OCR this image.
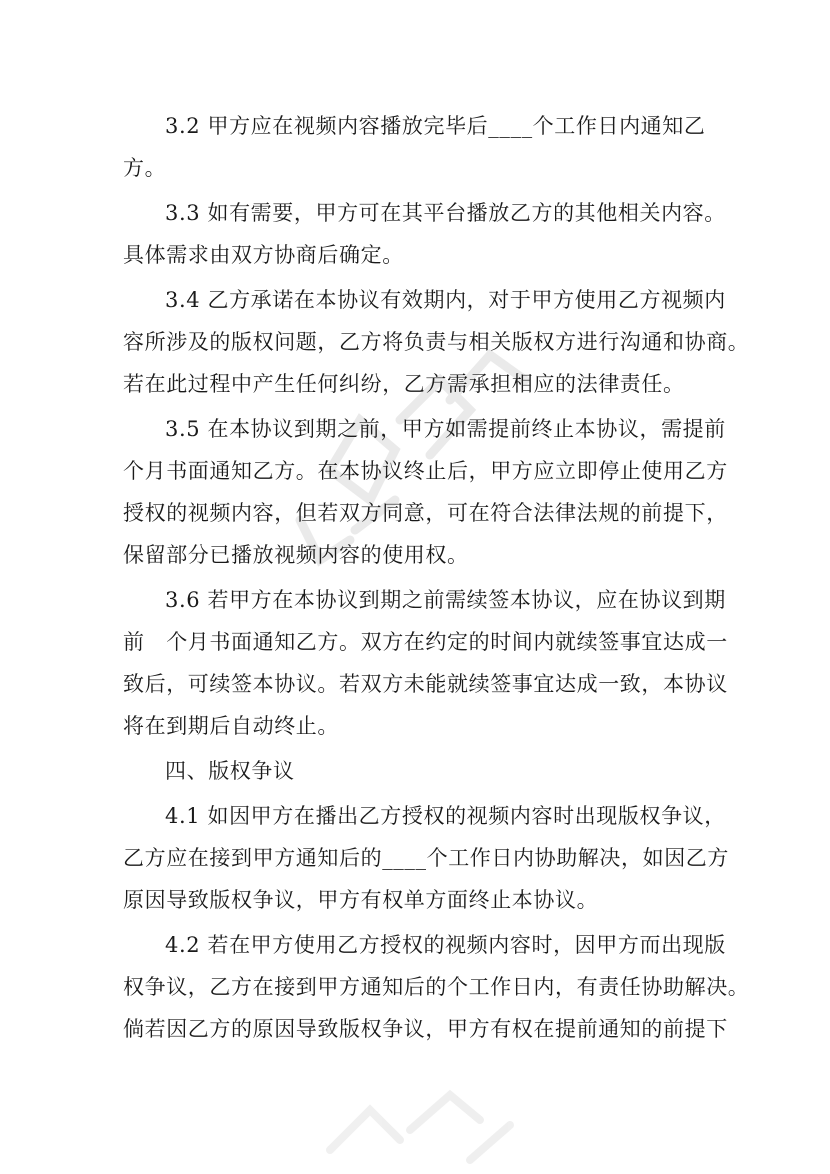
3.2 甲方应在视频内容播放完毕后____个工作日内通知乙
方。
3.3 如有需要，甲方可在其平台播放乙方的其他相关内容。
具体需求由双方协商后确定。
3.4 乙方承诺在本协议有效期内，对于甲方使用乙方视频内
容所涉及的版权问题，乙方将负责与相关版权方进行沟通和协商。
若在此过程中产生任何纠纷，乙方需承担相应的法律责任。
3.5 在本协议到期之前，甲方如需提前终止本协议，需提前
个月书面通知乙方。在本协议终止后，甲方应立即停止使用乙方
授权的视频内容，但若双方同意，可在符合法律法规的前提下，
保留部分已播放视频内容的使用权。
3.6 若甲方在本协议到期之前需续签本协议，应在协议到期
前　个月书面通知乙方。双方在约定的时间内就续签事宜达成一
致后，可续签本协议。若双方未能就续签事宜达成一致，本协议
将在到期后自动终止。
四、版权争议
4.1 如因甲方在播出乙方授权的视频内容时出现版权争议，
乙方应在接到甲方通知后的____个工作日内协助解决，如因乙方
原因导致版权争议，甲方有权单方面终止本协议。
4.2 若在甲方使用乙方授权的视频内容时，因甲方而出现版
权争议，乙方在接到甲方通知后的个工作日内，有责任协助解决。
倘若因乙方的原因导致版权争议，甲方有权在提前通知的前提下
